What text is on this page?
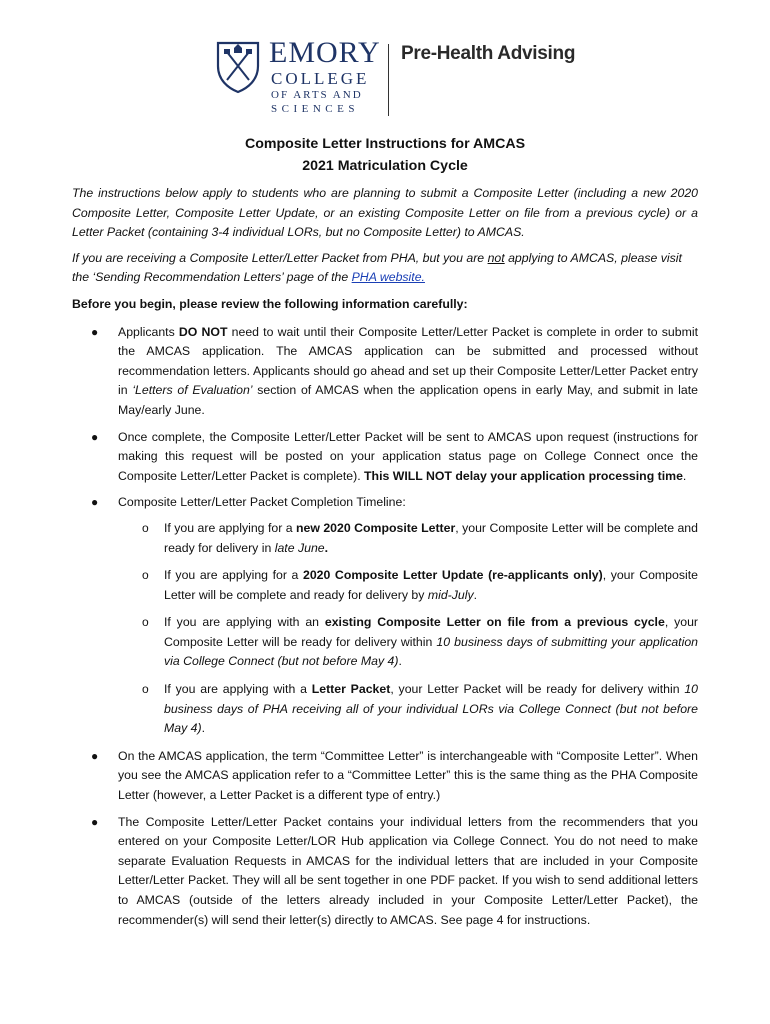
EMORY
COLLEGE
OF ARTS AND
SCIENCES
Pre-Health Advising

Composite Letter Instructions for AMCAS

2021 Matriculation Cycle

The instructions below apply to students who are planning to submit a Composite Letter (including a new 2020 Composite Letter, Composite Letter Update, or an existing Composite Letter on file from a previous cycle) or a Letter Packet (containing 3-4 individual LORs, but no Composite Letter) to AMCAS.

If you are receiving a Composite Letter/Letter Packet from PHA, but you are not applying to AMCAS, please visit the ‘Sending Recommendation Letters’ page of the PHA website.

Before you begin, please review the following information carefully:

● Applicants DO NOT need to wait until their Composite Letter/Letter Packet is complete in order to submit the AMCAS application. The AMCAS application can be submitted and processed without recommendation letters. Applicants should go ahead and set up their Composite Letter/Letter Packet entry in ‘Letters of Evaluation’ section of AMCAS when the application opens in early May, and submit in late May/early June.
● Once complete, the Composite Letter/Letter Packet will be sent to AMCAS upon request (instructions for making this request will be posted on your application status page on College Connect once the Composite Letter/Letter Packet is complete). This WILL NOT delay your application processing time.
● Composite Letter/Letter Packet Completion Timeline:
o If you are applying for a new 2020 Composite Letter, your Composite Letter will be complete and ready for delivery in late June.
o If you are applying for a 2020 Composite Letter Update (re-applicants only), your Composite Letter will be complete and ready for delivery by mid-July.
o If you are applying with an existing Composite Letter on file from a previous cycle, your Composite Letter will be ready for delivery within 10 business days of submitting your application via College Connect (but not before May 4).
o If you are applying with a Letter Packet, your Letter Packet will be ready for delivery within 10 business days of PHA receiving all of your individual LORs via College Connect (but not before May 4).
● On the AMCAS application, the term “Committee Letter” is interchangeable with “Composite Letter”. When you see the AMCAS application refer to a “Committee Letter” this is the same thing as the PHA Composite Letter (however, a Letter Packet is a different type of entry.)
● The Composite Letter/Letter Packet contains your individual letters from the recommenders that you entered on your Composite Letter/LOR Hub application via College Connect. You do not need to make separate Evaluation Requests in AMCAS for the individual letters that are included in your Composite Letter/Letter Packet. They will all be sent together in one PDF packet. If you wish to send additional letters to AMCAS (outside of the letters already included in your Composite Letter/Letter Packet), the recommender(s) will send their letter(s) directly to AMCAS. See page 4 for instructions.
